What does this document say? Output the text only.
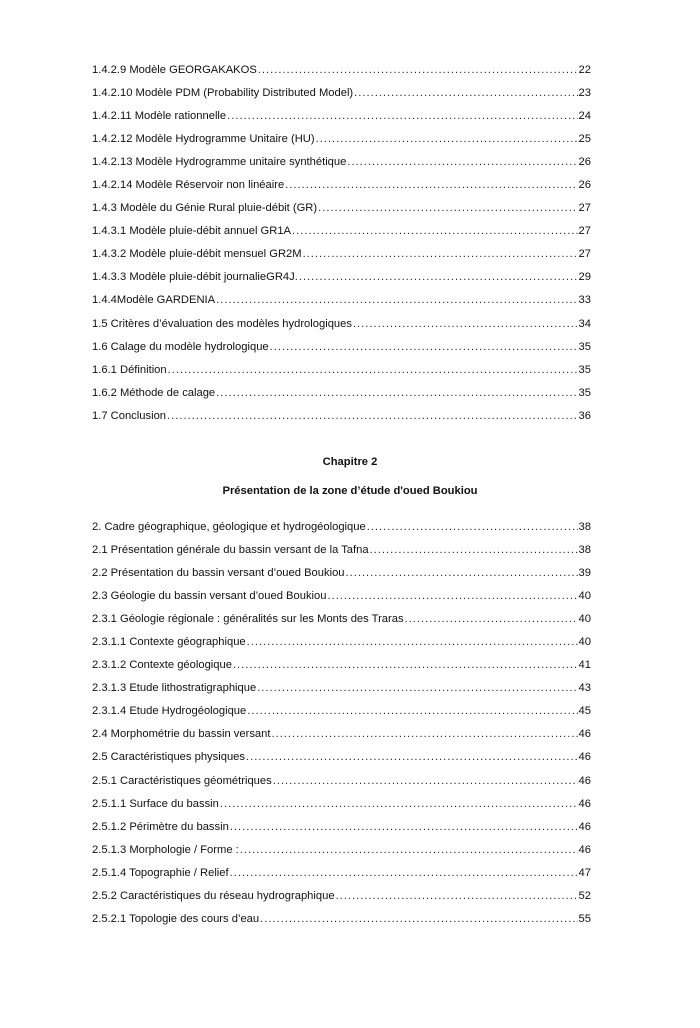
1.4.2.9 Modèle GEORGAKAKOS .....	22
1.4.2.10 Modèle PDM (Probability Distributed Model) .....	23
1.4.2.11 Modèle rationnelle .....	24
1.4.2.12 Modèle Hydrogramme Unitaire (HU) .....	25
1.4.2.13 Modèle Hydrogramme unitaire synthétique .....	26
1.4.2.14 Modèle Réservoir non linéaire .....	26
1.4.3 Modèle du Génie Rural pluie-débit (GR) .....	27
1.4.3.1 Modèle pluie-débit annuel GR1A .....	27
1.4.3.2 Modèle pluie-débit mensuel GR2M .....	27
1.4.3.3 Modèle pluie-débit journalieGR4J. .....	29
1.4.4Modèle GARDENIA .....	33
1.5 Critères d’évaluation des modèles hydrologiques .....	34
1.6 Calage du modèle hydrologique .....	35
1.6.1 Définition .....	35
1.6.2 Méthode de calage .....	35
1.7 Conclusion .....	36
Chapitre 2
Présentation de la zone d’étude d'oued Boukiou
2. Cadre géographique, géologique et hydrogéologique .....	38
2.1 Présentation générale du bassin versant de la Tafna .....	38
2.2 Présentation du bassin versant d’oued Boukiou .....	39
2.3 Géologie du bassin versant d’oued Boukiou .....	40
2.3.1 Géologie régionale : généralités sur les Monts des Traras .....	40
2.3.1.1 Contexte géographique .....	40
2.3.1.2 Contexte géologique .....	41
2.3.1.3 Etude lithostratigraphique .....	43
2.3.1.4 Etude Hydrogéologique .....	45
2.4 Morphométrie du bassin versant .....	46
2.5 Caractéristiques physiques .....	46
2.5.1 Caractéristiques géométriques .....	46
2.5.1.1 Surface du bassin .....	46
2.5.1.2 Périmètre du bassin .....	46
2.5.1.3 Morphologie / Forme : .....	46
2.5.1.4 Topographie / Relief .....	47
2.5.2 Caractéristiques du réseau hydrographique .....	52
2.5.2.1 Topologie des cours d’eau .....	55
